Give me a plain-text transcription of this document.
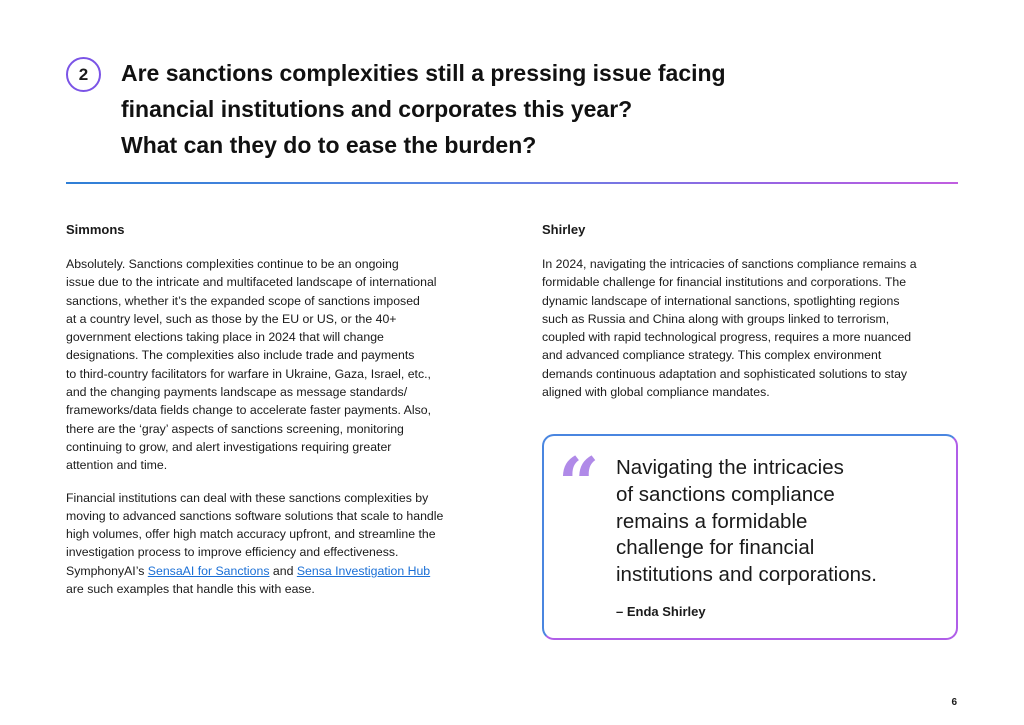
2 Are sanctions complexities still a pressing issue facing
financial institutions and corporates this year?
What can they do to ease the burden?

Simmons

Absolutely. Sanctions complexities continue to be an ongoing
issue due to the intricate and multifaceted landscape of international
sanctions, whether it’s the expanded scope of sanctions imposed
at a country level, such as those by the EU or US, or the 40+
government elections taking place in 2024 that will change
designations. The complexities also include trade and payments
to third-country facilitators for warfare in Ukraine, Gaza, Israel, etc.,
and the changing payments landscape as message standards/
frameworks/data fields change to accelerate faster payments. Also,
there are the ‘gray’ aspects of sanctions screening, monitoring
continuing to grow, and alert investigations requiring greater
attention and time.

Financial institutions can deal with these sanctions complexities by
moving to advanced sanctions software solutions that scale to handle
high volumes, offer high match accuracy upfront, and streamline the
investigation process to improve efficiency and effectiveness.
SymphonyAI’s SensaAI for Sanctions and Sensa Investigation Hub
are such examples that handle this with ease.

Shirley

In 2024, navigating the intricacies of sanctions compliance remains a
formidable challenge for financial institutions and corporations. The
dynamic landscape of international sanctions, spotlighting regions
such as Russia and China along with groups linked to terrorism,
coupled with rapid technological progress, requires a more nuanced
and advanced compliance strategy. This complex environment
demands continuous adaptation and sophisticated solutions to stay
aligned with global compliance mandates.

“ Navigating the intricacies
of sanctions compliance
remains a formidable
challenge for financial
institutions and corporations.

– Enda Shirley
6
